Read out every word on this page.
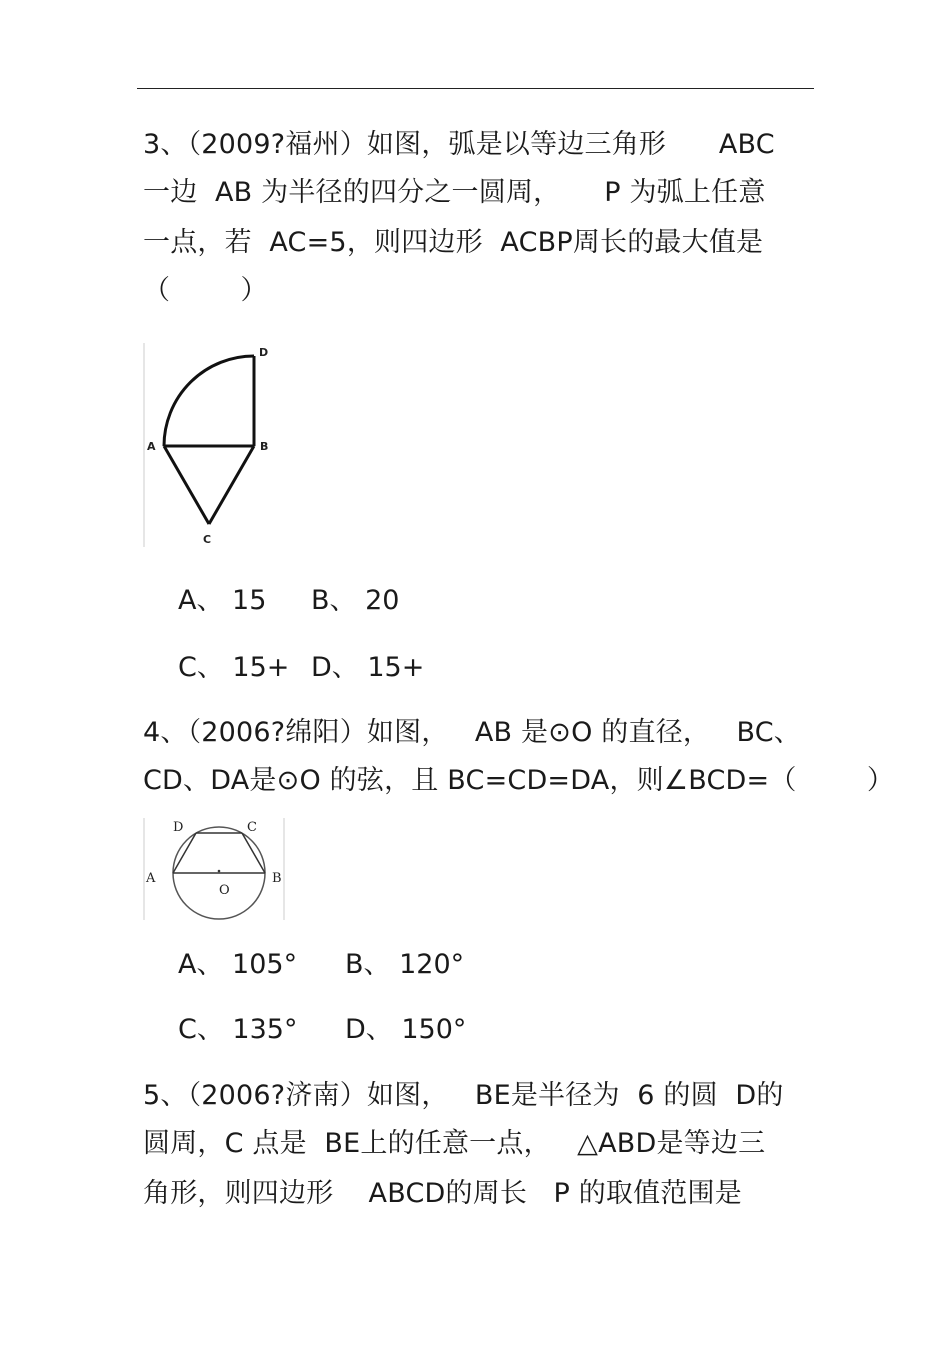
3、（2009?福州）如图，弧是以等边三角形      ABC
一边  AB 为半径的四分之一圆周，     P 为弧上任意
一点，若  AC=5，则四边形  ACBP周长的最大值是
（        ）
D
A	B
C
A、 15 B、 20
C、 15+ D、 15+
4、（2006?绵阳）如图，   AB 是⊙O 的直径，   BC、
CD、DA是⊙O 的弦，且 BC=CD=DA，则∠BCD=（        ）
D	C
A	B
O
A、 105° B、 120°
C、 135° D、 150°
5、（2006?济南）如图，   BE是半径为  6 的圆  D的
圆周，C 点是  BE上的任意一点，   △ABD是等边三
角形，则四边形    ABCD的周长   P 的取值范围是
